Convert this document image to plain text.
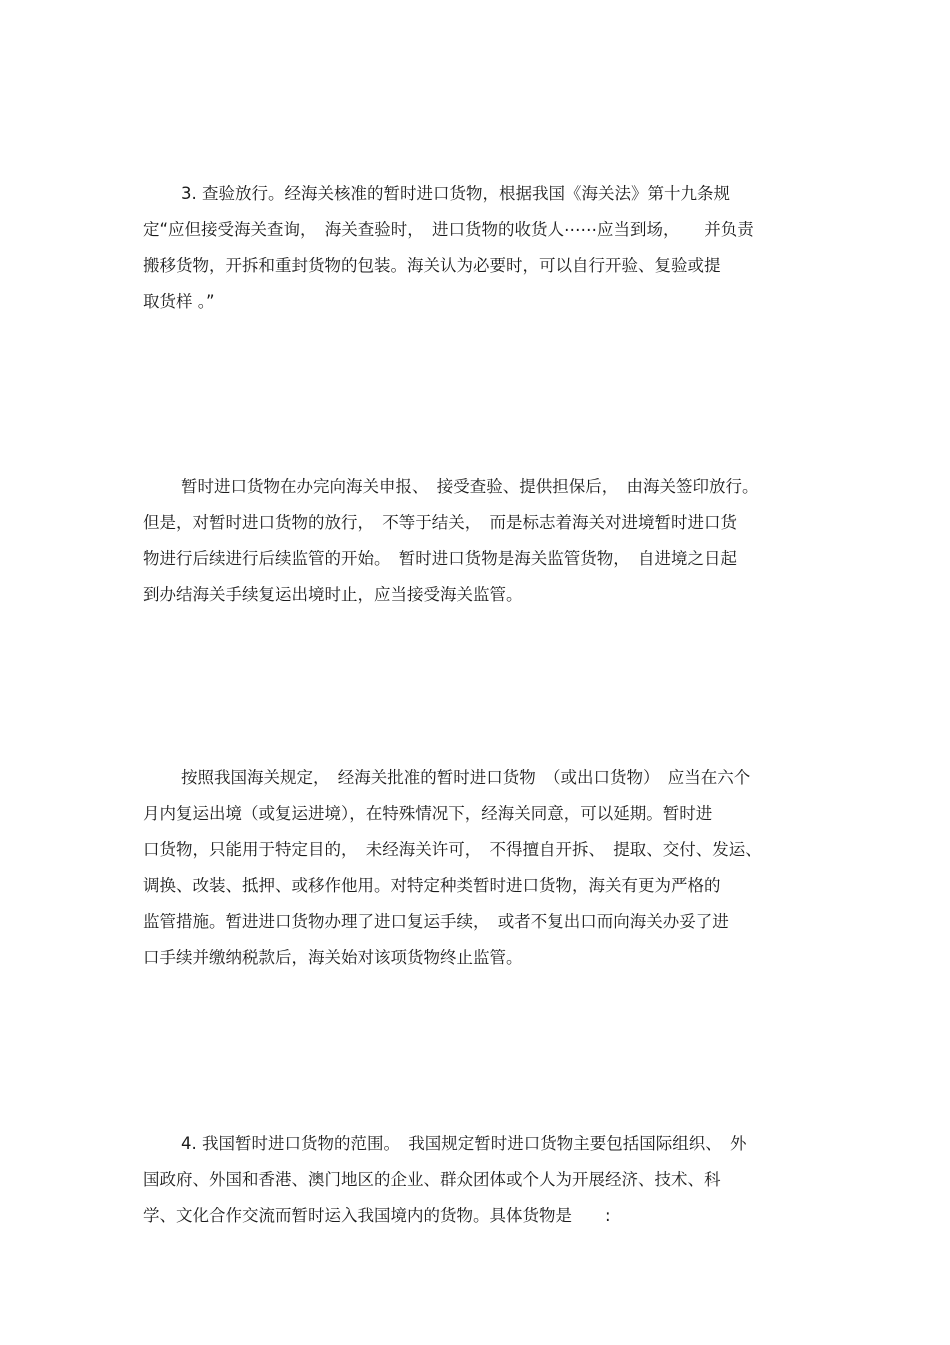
3. 查验放行。经海关核准的暂时进口货物，根据我国《海关法》第十九条规
定“应但接受海关查询，　海关查验时，　进口货物的收货人⋯⋯应当到场，　　并负责
搬移货物，开拆和重封货物的包装。海关认为必要时，可以自行开验、复验或提
取货样 。”
暂时进口货物在办完向海关申报、　接受查验、提供担保后，　由海关签印放行。
但是，对暂时进口货物的放行，　不等于结关，　而是标志着海关对进境暂时进口货
物进行后续进行后续监管的开始。　暂时进口货物是海关监管货物，　自进境之日起
到办结海关手续复运出境时止，应当接受海关监管。
按照我国海关规定，　经海关批准的暂时进口货物　（或出口货物）　应当在六个
月内复运出境（或复运进境），在特殊情况下，经海关同意，可以延期。暂时进
口货物，只能用于特定目的，　未经海关许可，　不得擅自开拆、　提取、交付、发运、
调换、改装、抵押、或移作他用。对特定种类暂时进口货物，海关有更为严格的
监管措施。暂进进口货物办理了进口复运手续，　或者不复出口而向海关办妥了进
口手续并缴纳税款后，海关始对该项货物终止监管。
4. 我国暂时进口货物的范围。　我国规定暂时进口货物主要包括国际组织、　外
国政府、外国和香港、澳门地区的企业、群众团体或个人为开展经济、技术、科
学、文化合作交流而暂时运入我国境内的货物。具体货物是　　:
